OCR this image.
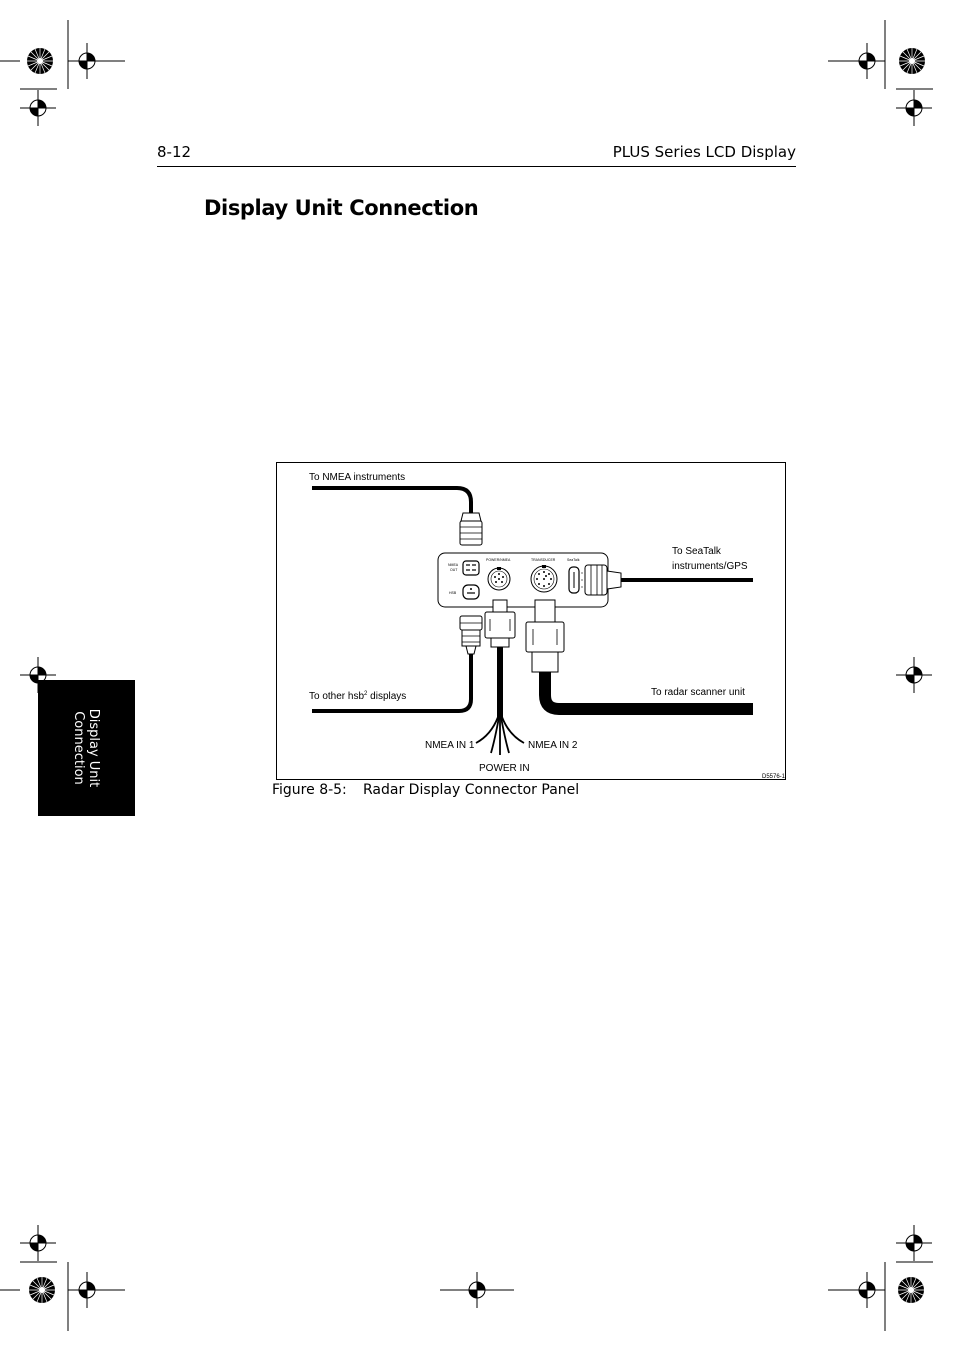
8-12	PLUS Series LCD Display
Display Unit Connection
Display Unit
Connection
NMEA
OUT
HSB
POWER/NMEA	TRANSDUCER	SeaTalk
To NMEA instruments
To SeaTalk
instruments/GPS
To other hsb$^2$ displays	To radar scanner unit
NMEA IN 1	NMEA IN 2
POWER IN
D5576-1
Figure 8-5: Radar Display Connector Panel
